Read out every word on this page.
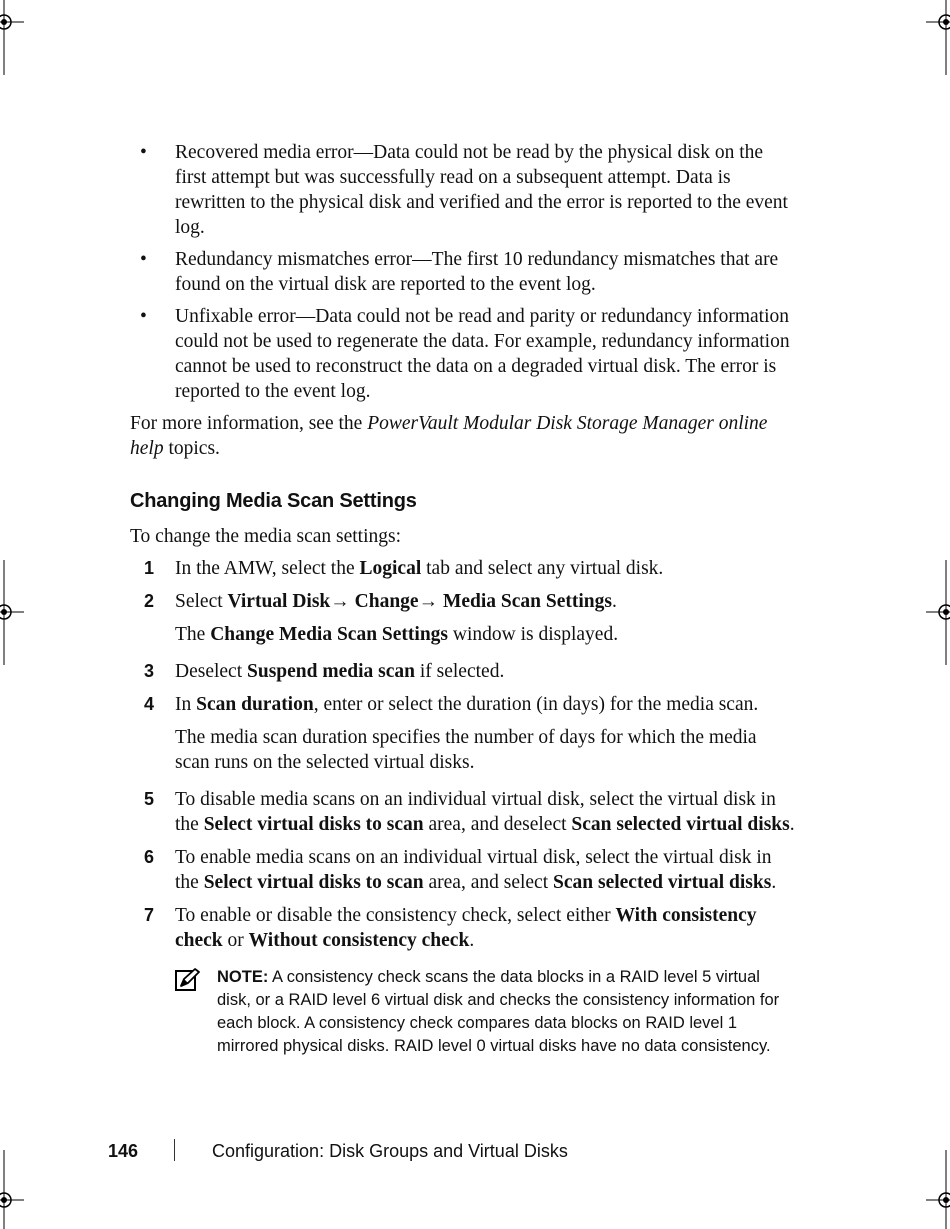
• Recovered media error—Data could not be read by the physical disk on the first attempt but was successfully read on a subsequent attempt. Data is rewritten to the physical disk and verified and the error is reported to the event log.
• Redundancy mismatches error—The first 10 redundancy mismatches that are found on the virtual disk are reported to the event log.
• Unfixable error—Data could not be read and parity or redundancy information could not be used to regenerate the data. For example, redundancy information cannot be used to reconstruct the data on a degraded virtual disk. The error is reported to the event log.

For more information, see the PowerVault Modular Disk Storage Manager online help topics.

Changing Media Scan Settings

To change the media scan settings:

1 In the AMW, select the Logical tab and select any virtual disk.
2 Select Virtual Disk→ Change→ Media Scan Settings.
The Change Media Scan Settings window is displayed.
3 Deselect Suspend media scan if selected.
4 In Scan duration, enter or select the duration (in days) for the media scan.
The media scan duration specifies the number of days for which the media scan runs on the selected virtual disks.
5 To disable media scans on an individual virtual disk, select the virtual disk in the Select virtual disks to scan area, and deselect Scan selected virtual disks.
6 To enable media scans on an individual virtual disk, select the virtual disk in the Select virtual disks to scan area, and select Scan selected virtual disks.
7 To enable or disable the consistency check, select either With consistency check or Without consistency check.
NOTE: A consistency check scans the data blocks in a RAID level 5 virtual disk, or a RAID level 6 virtual disk and checks the consistency information for each block. A consistency check compares data blocks on RAID level 1 mirrored physical disks. RAID level 0 virtual disks have no data consistency.
146	Configuration: Disk Groups and Virtual Disks
